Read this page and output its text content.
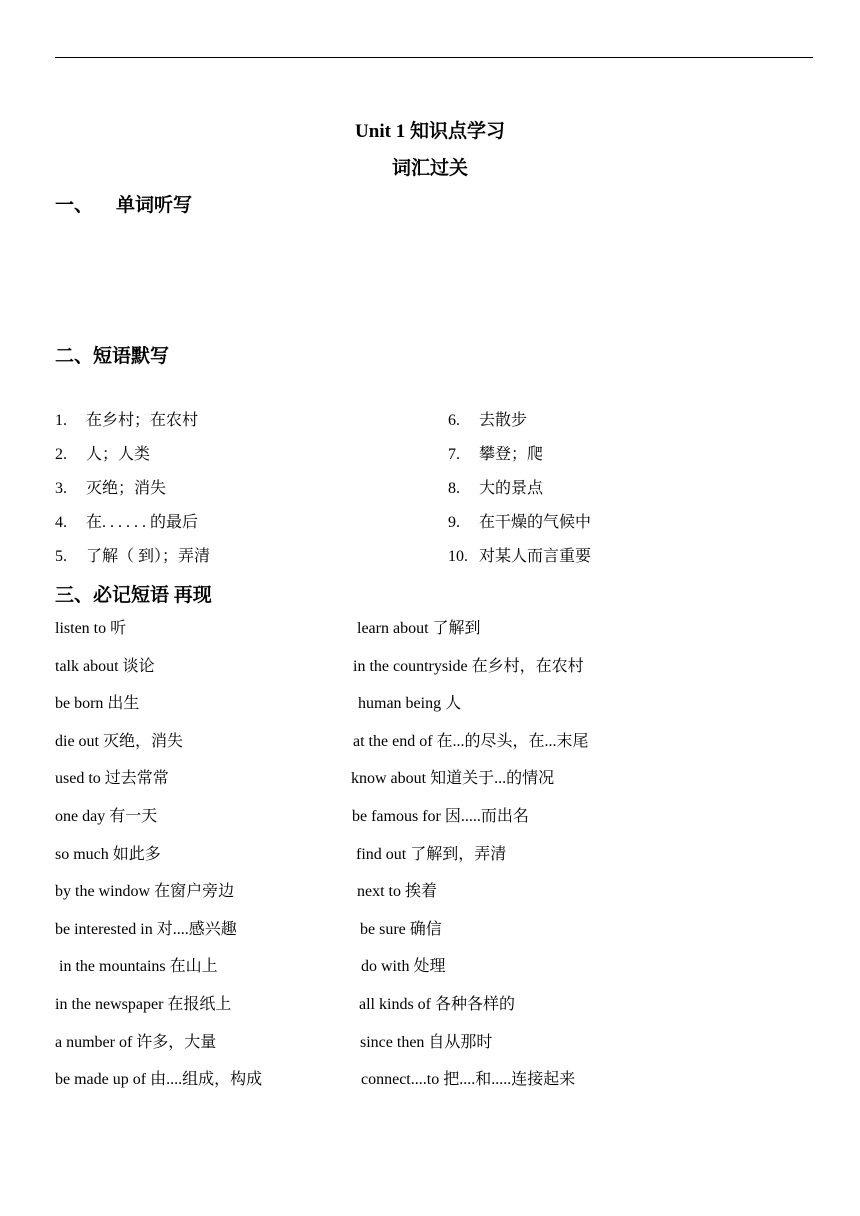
Unit 1 知识点学习
词汇过关
一、 单词听写
二、短语默写
1. 在乡村；在农村
2. 人；人类
3. 灭绝；消失
4. 在. . . . . . 的最后
5. 了解（ 到）；弄清
6. 去散步
7. 攀登；爬
8. 大的景点
9. 在干燥的气候中
10. 对某人而言重要
三、必记短语 再现
listen to 听	learn about 了解到
talk about 谈论	in the countryside 在乡村，在农村
be born 出生	human being 人
die out 灭绝，消失	at the end of 在...的尽头，在...末尾
used to 过去常常	know about 知道关于...的情况
one day 有一天	be famous for 因.....而出名
so much 如此多	find out 了解到，弄清
by the window 在窗户旁边	next to 挨着
be interested in 对....感兴趣	be sure 确信
in the mountains 在山上	do with 处理
in the newspaper 在报纸上	all kinds of 各种各样的
a number of 许多，大量	since then 自从那时
be made up of 由....组成，构成	connect....to 把....和.....连接起来
